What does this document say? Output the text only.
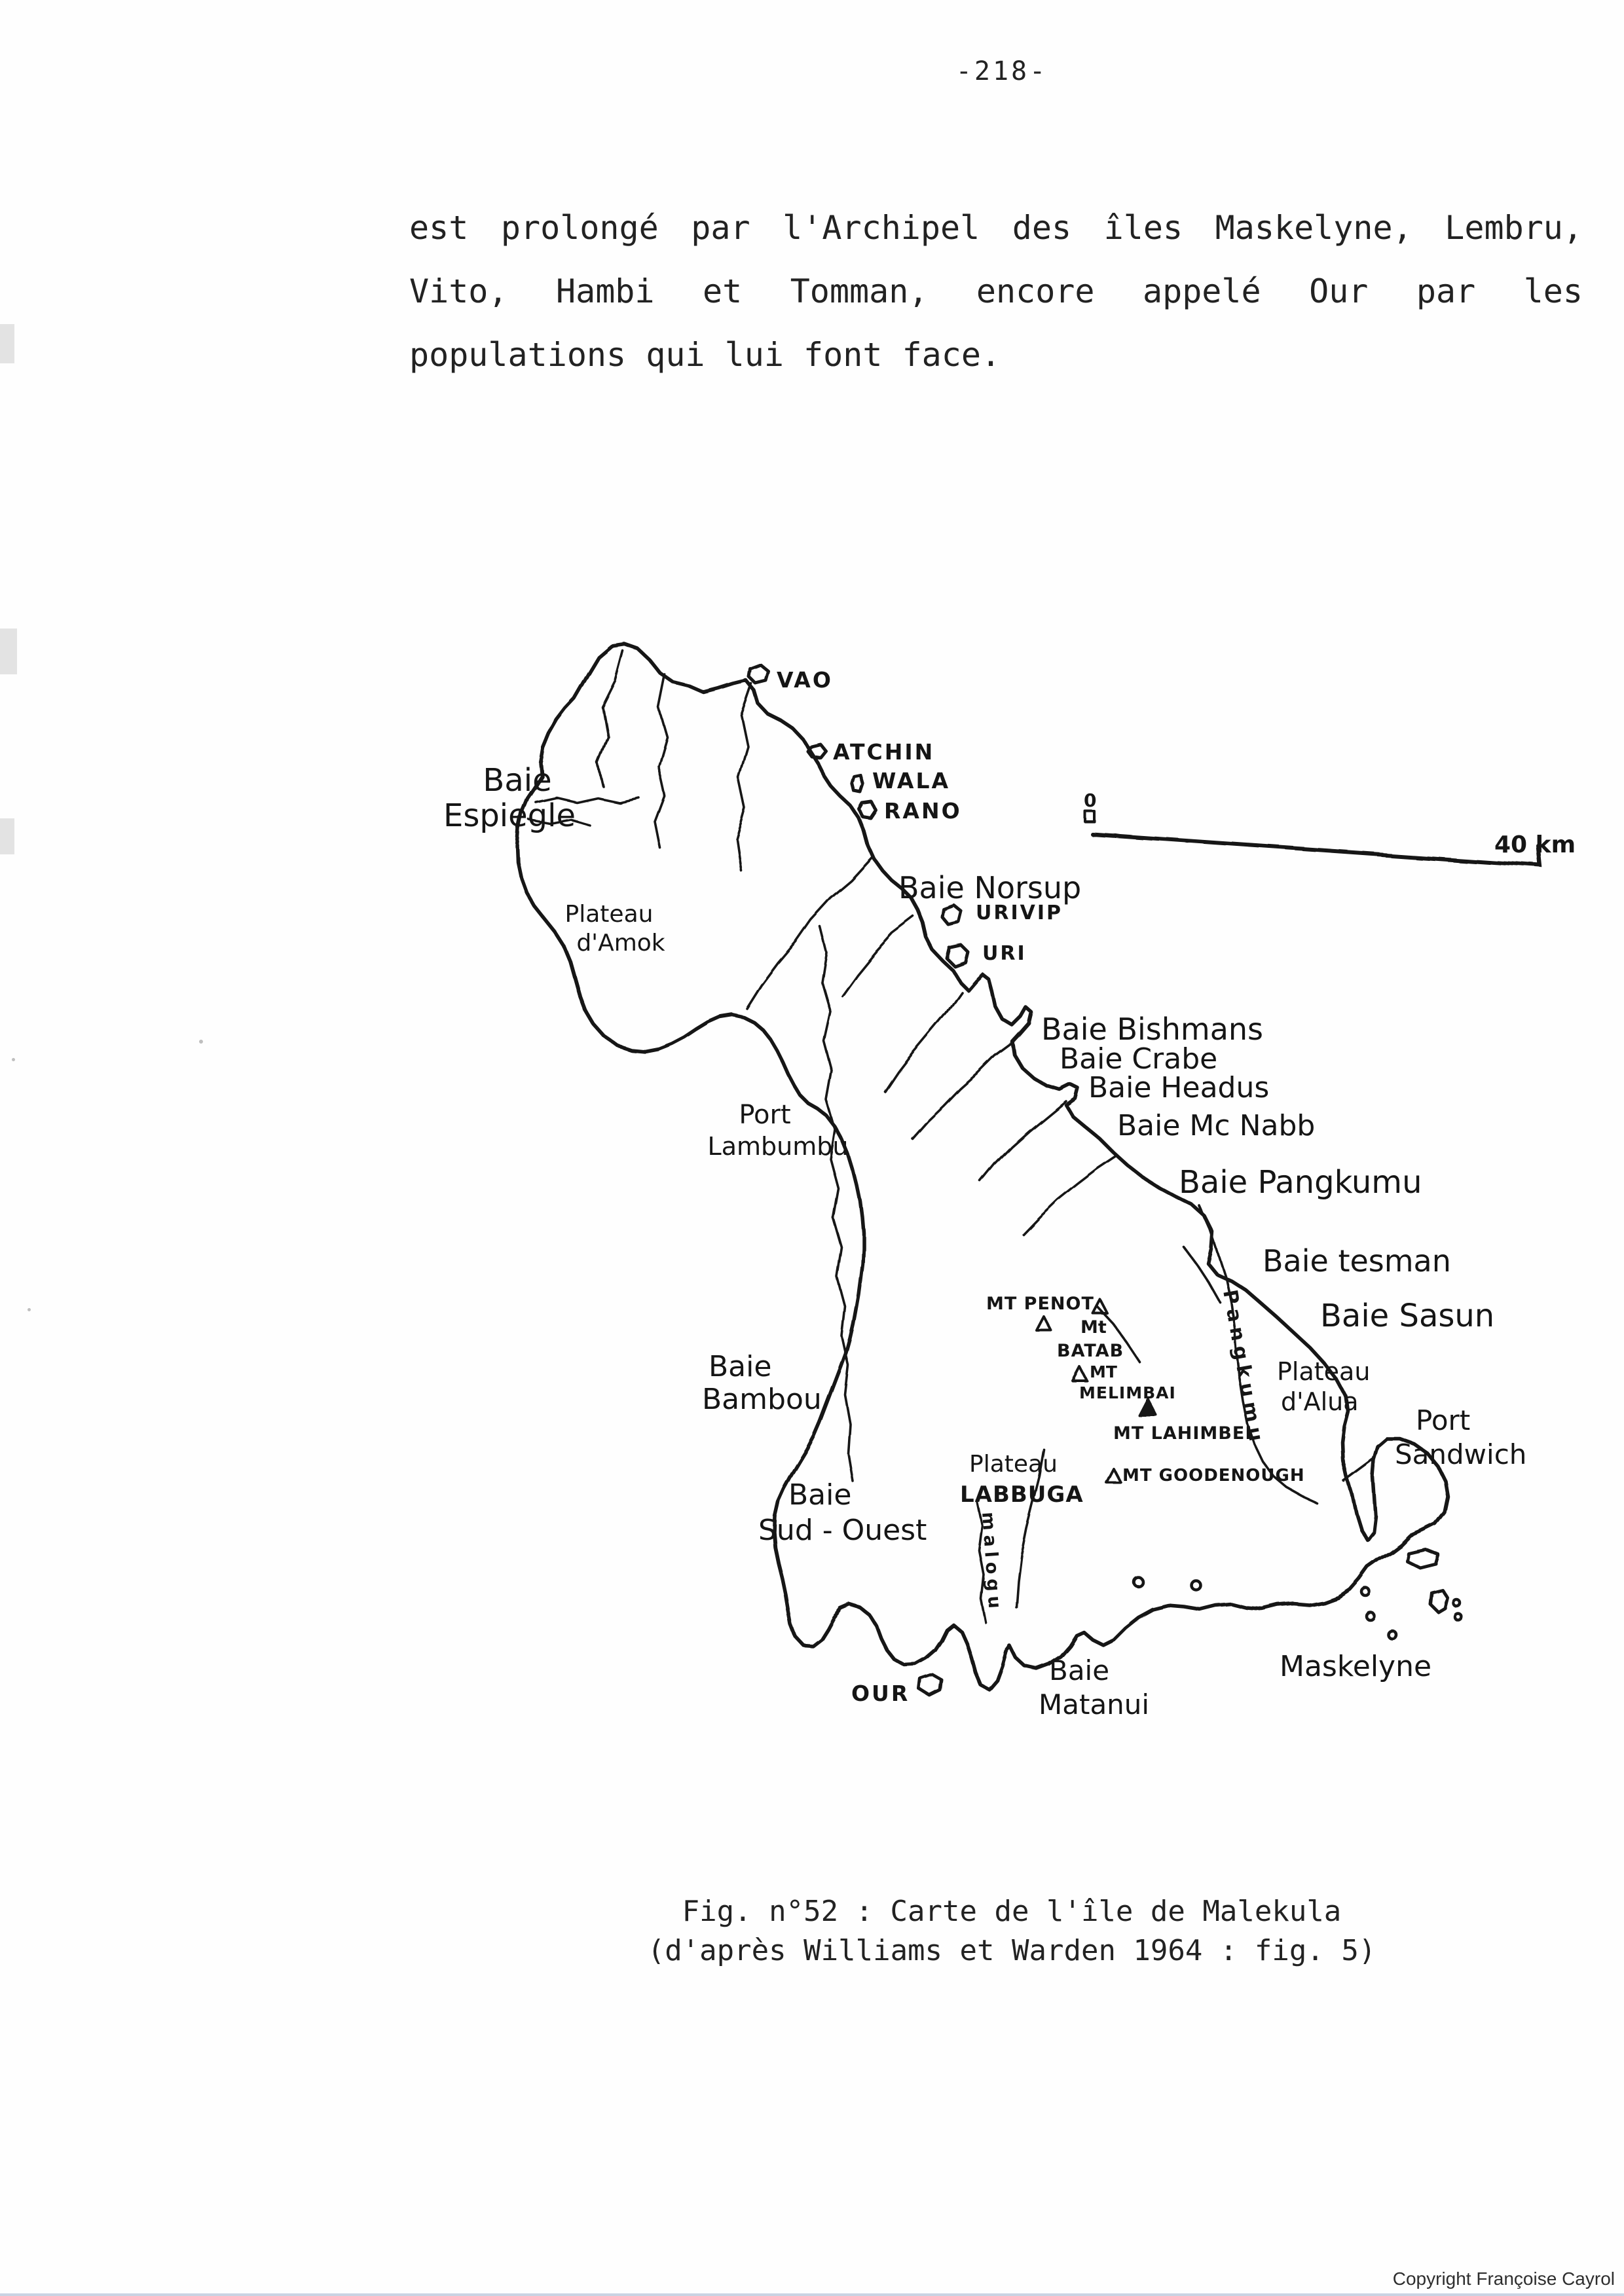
-218-
est prolongé par l'Archipel des îles Maskelyne, Lembru,
Vito, Hambi et Tomman, encore appelé Our par les
populations qui lui font face.
VAO
ATCHIN
WALA
RANO
Baie
Espiegle
Plateau
d'Amok
Baie Norsup
URIVIP
URI
Baie Bishmans
Baie Crabe
Baie Headus
Baie Mc Nabb
Baie Pangkumu
Port
Lambumbu
Baie tesman
Baie Sasun
MT PENOT
Mt
BATAB
MT
MELIMBAI
MT LAHIMBEL
MT GOODENOUGH
Plateau
d'Alua
Pangkumu
Baie
Bambou
Port
Sandwich
Plateau
LABBUGA
Baie
Sud - Ouest	malogu
OUR
Baie
Matanui
Maskelyne
0
40 km
Fig. n°52 : Carte de l'île de Malekula
(d'après Williams et Warden 1964 : fig. 5)
Copyright Françoise Cayrol
